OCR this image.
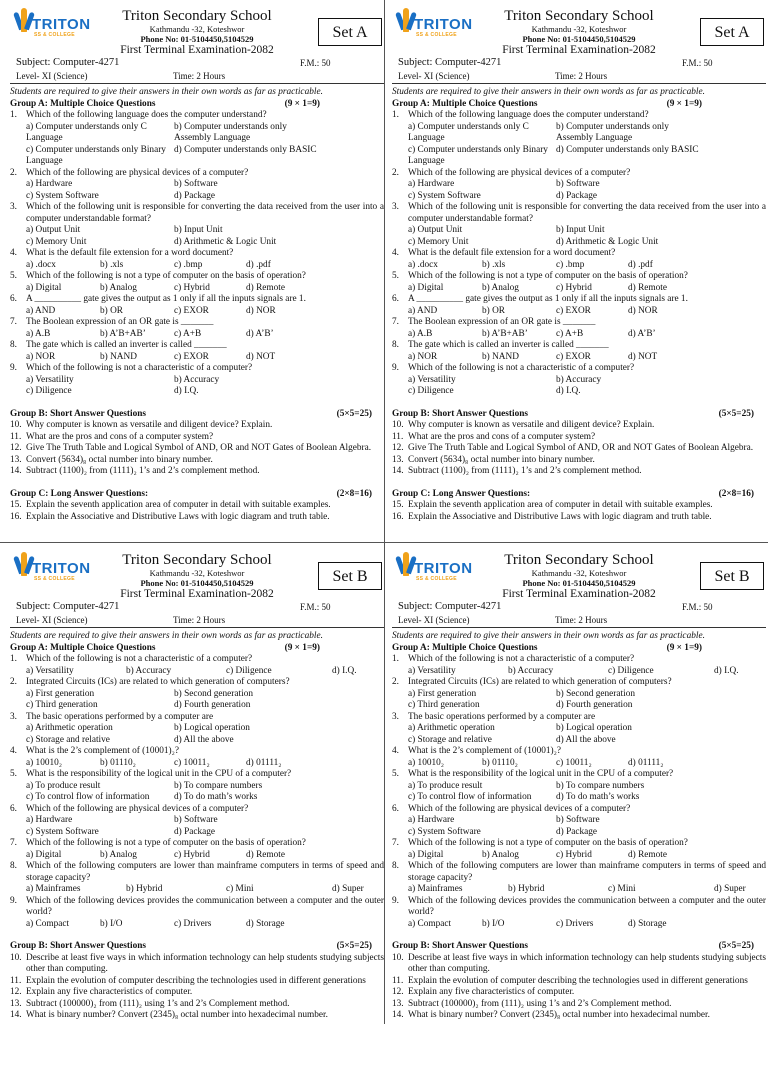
TRITON
SS & COLLEGE
Triton Secondary School
Kathmandu -32, Koteshwor
Phone No: 01-5104450,5104529
First Terminal Examination-2082
Set A
Subject: Computer-4271	F.M.: 50
Level- XI (Science)	Time: 2 Hours
Students are required to give their answers in their own words as far as practicable.
Group A: Multiple Choice Questions	(9 × 1=9)
1. Which of the following language does the computer understand?
a) Computer understands only C Language
b) Computer understands only Assembly Language
c) Computer understands only Binary Language
d) Computer understands only BASIC
2. Which of the following are physical devices of a computer?
a) Hardware	b) Software
c) System Software	d) Package
3. Which of the following unit is responsible for converting the data received from the user into a computer understandable format?
a) Output Unit	b) Input Unit
c) Memory Unit	d) Arithmetic & Logic Unit
4. What is the default file extension for a word document?
a) .docx	b) .xls	c) .bmp	d) .pdf
5. Which of the following is not a type of computer on the basis of operation?
a) Digital	b) Analog	c) Hybrid	d) Remote
6. A __________ gate gives the output as 1 only if all the inputs signals are 1.
a) AND	b) OR	c) EXOR	d) NOR
7. The Boolean expression of an OR gate is _______
a) A.B	b) A’B+AB’	c) A+B	d) A’B’
8. The gate which is called an inverter is called _______
a) NOR	b) NAND	c) EXOR	d) NOT
9. Which of the following is not a characteristic of a computer?
a) Versatility	b) Accuracy
c) Diligence	d) I.Q.
Group B: Short Answer Questions	(5×5=25)
10. Why computer is known as versatile and diligent device? Explain.
11. What are the pros and cons of a computer system?
12. Give The Truth Table and Logical Symbol of AND, OR and NOT Gates of Boolean Algebra.
13. Convert (5634)₈ octal number into binary number.
14. Subtract (1100)₂ from (1111)₂ 1’s and 2’s complement method.
Group C: Long Answer Questions:	(2×8=16)
15. Explain the seventh application area of computer in detail with suitable examples.
16. Explain the Associative and Distributive Laws with logic diagram and truth table.
TRITON
SS & COLLEGE
Triton Secondary School
Kathmandu -32, Koteshwor
Phone No: 01-5104450,5104529
First Terminal Examination-2082
Set A
Subject: Computer-4271	F.M.: 50
Level- XI (Science)	Time: 2 Hours
Students are required to give their answers in their own words as far as practicable.
Group A: Multiple Choice Questions	(9 × 1=9)
1. Which of the following language does the computer understand?
a) Computer understands only C Language
b) Computer understands only Assembly Language
c) Computer understands only Binary Language
d) Computer understands only BASIC
2. Which of the following are physical devices of a computer?
a) Hardware	b) Software
c) System Software	d) Package
3. Which of the following unit is responsible for converting the data received from the user into a computer understandable format?
a) Output Unit	b) Input Unit
c) Memory Unit	d) Arithmetic & Logic Unit
4. What is the default file extension for a word document?
a) .docx	b) .xls	c) .bmp	d) .pdf
5. Which of the following is not a type of computer on the basis of operation?
a) Digital	b) Analog	c) Hybrid	d) Remote
6. A __________ gate gives the output as 1 only if all the inputs signals are 1.
a) AND	b) OR	c) EXOR	d) NOR
7. The Boolean expression of an OR gate is _______
a) A.B	b) A’B+AB’	c) A+B	d) A’B’
8. The gate which is called an inverter is called _______
a) NOR	b) NAND	c) EXOR	d) NOT
9. Which of the following is not a characteristic of a computer?
a) Versatility	b) Accuracy
c) Diligence	d) I.Q.
Group B: Short Answer Questions	(5×5=25)
10. Why computer is known as versatile and diligent device? Explain.
11. What are the pros and cons of a computer system?
12. Give The Truth Table and Logical Symbol of AND, OR and NOT Gates of Boolean Algebra.
13. Convert (5634)₈ octal number into binary number.
14. Subtract (1100)₂ from (1111)₂ 1’s and 2’s complement method.
Group C: Long Answer Questions:	(2×8=16)
15. Explain the seventh application area of computer in detail with suitable examples.
16. Explain the Associative and Distributive Laws with logic diagram and truth table.
TRITON
SS & COLLEGE
Triton Secondary School
Kathmandu -32, Koteshwor
Phone No: 01-5104450,5104529
First Terminal Examination-2082
Set B
Subject: Computer-4271	F.M.: 50
Level- XI (Science)	Time: 2 Hours
Students are required to give their answers in their own words as far as practicable.
Group A: Multiple Choice Questions	(9 × 1=9)
1. Which of the following is not a characteristic of a computer?
a) Versatility	b) Accuracy	c) Diligence	d) I.Q.
2. Integrated Circuits (ICs) are related to which generation of computers?
a) First generation	b) Second generation
c) Third generation	d) Fourth generation
3. The basic operations performed by a computer are
a) Arithmetic operation	b) Logical operation
c) Storage and relative	d) All the above
4. What is the 2’s complement of (10001)₂?
a) 10010₂	b) 01110₂	c) 10011₂	d) 01111₂
5. What is the responsibility of the logical unit in the CPU of a computer?
a) To produce result	b) To compare numbers
c) To control flow of information	d) To do math’s works
6. Which of the following are physical devices of a computer?
a) Hardware	b) Software
c) System Software	d) Package
7. Which of the following is not a type of computer on the basis of operation?
a) Digital	b) Analog	c) Hybrid	d) Remote
8. Which of the following computers are lower than mainframe computers in terms of speed and storage capacity?
a) Mainframes	b) Hybrid	c) Mini	d) Super
9. Which of the following devices provides the communication between a computer and the outer world?
a) Compact	b) I/O	c) Drivers	d) Storage
Group B: Short Answer Questions	(5×5=25)
10. Describe at least five ways in which information technology can help students studying subjects other than computing.
11. Explain the evolution of computer describing the technologies used in different generations
12. Explain any five characteristics of computer.
13. Subtract (100000)₂ from (111)₂ using 1’s and 2’s Complement method.
14. What is binary number? Convert (2345)₈ octal number into hexadecimal number.
TRITON
SS & COLLEGE
Triton Secondary School
Kathmandu -32, Koteshwor
Phone No: 01-5104450,5104529
First Terminal Examination-2082
Set B
Subject: Computer-4271	F.M.: 50
Level- XI (Science)	Time: 2 Hours
Students are required to give their answers in their own words as far as practicable.
Group A: Multiple Choice Questions	(9 × 1=9)
1. Which of the following is not a characteristic of a computer?
a) Versatility	b) Accuracy	c) Diligence	d) I.Q.
2. Integrated Circuits (ICs) are related to which generation of computers?
a) First generation	b) Second generation
c) Third generation	d) Fourth generation
3. The basic operations performed by a computer are
a) Arithmetic operation	b) Logical operation
c) Storage and relative	d) All the above
4. What is the 2’s complement of (10001)₂?
a) 10010₂	b) 01110₂	c) 10011₂	d) 01111₂
5. What is the responsibility of the logical unit in the CPU of a computer?
a) To produce result	b) To compare numbers
c) To control flow of information	d) To do math’s works
6. Which of the following are physical devices of a computer?
a) Hardware	b) Software
c) System Software	d) Package
7. Which of the following is not a type of computer on the basis of operation?
a) Digital	b) Analog	c) Hybrid	d) Remote
8. Which of the following computers are lower than mainframe computers in terms of speed and storage capacity?
a) Mainframes	b) Hybrid	c) Mini	d) Super
9. Which of the following devices provides the communication between a computer and the outer world?
a) Compact	b) I/O	c) Drivers	d) Storage
Group B: Short Answer Questions	(5×5=25)
10. Describe at least five ways in which information technology can help students studying subjects other than computing.
11. Explain the evolution of computer describing the technologies used in different generations
12. Explain any five characteristics of computer.
13. Subtract (100000)₂ from (111)₂ using 1’s and 2’s Complement method.
14. What is binary number? Convert (2345)₈ octal number into hexadecimal number.
